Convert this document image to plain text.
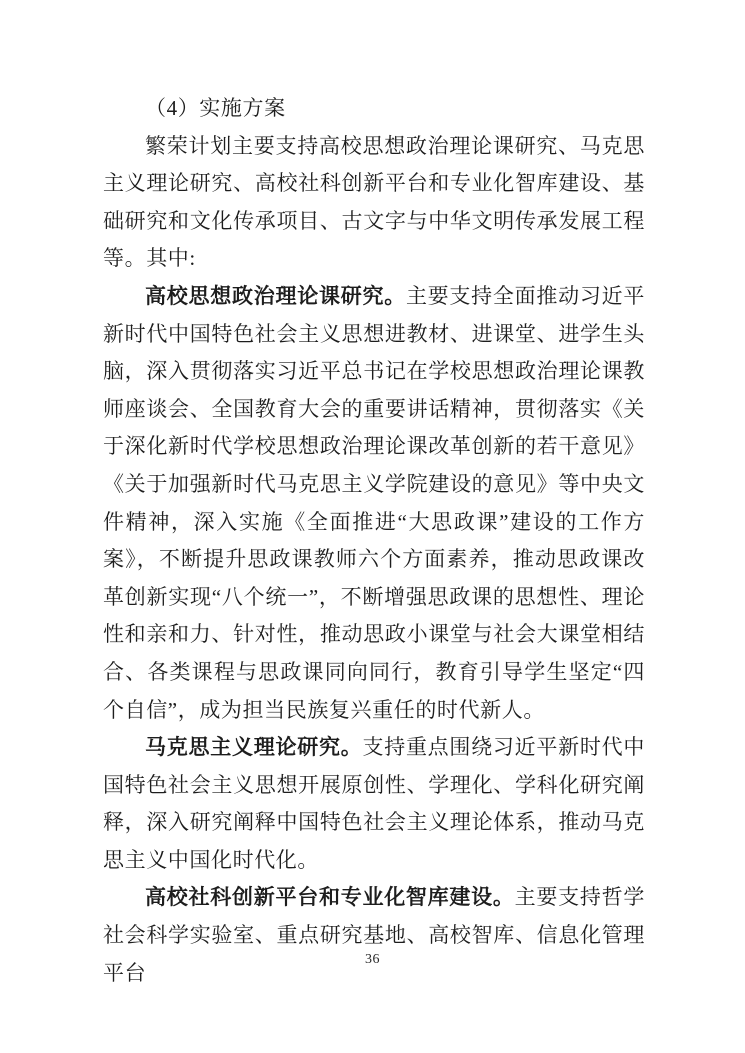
（4）实施方案

繁荣计划主要支持高校思想政治理论课研究、马克思主义理论研究、高校社科创新平台和专业化智库建设、基础研究和文化传承项目、古文字与中华文明传承发展工程等。其中:

高校思想政治理论课研究。主要支持全面推动习近平新时代中国特色社会主义思想进教材、进课堂、进学生头脑，深入贯彻落实习近平总书记在学校思想政治理论课教师座谈会、全国教育大会的重要讲话精神，贯彻落实《关于深化新时代学校思想政治理论课改革创新的若干意见》《关于加强新时代马克思主义学院建设的意见》等中央文件精神，深入实施《全面推进“大思政课”建设的工作方案》，不断提升思政课教师六个方面素养，推动思政课改革创新实现“八个统一”，不断增强思政课的思想性、理论性和亲和力、针对性，推动思政小课堂与社会大课堂相结合、各类课程与思政课同向同行，教育引导学生坚定“四个自信”，成为担当民族复兴重任的时代新人。

马克思主义理论研究。支持重点围绕习近平新时代中国特色社会主义思想开展原创性、学理化、学科化研究阐释，深入研究阐释中国特色社会主义理论体系，推动马克思主义中国化时代化。

高校社科创新平台和专业化智库建设。主要支持哲学社会科学实验室、重点研究基地、高校智库、信息化管理平台

36
